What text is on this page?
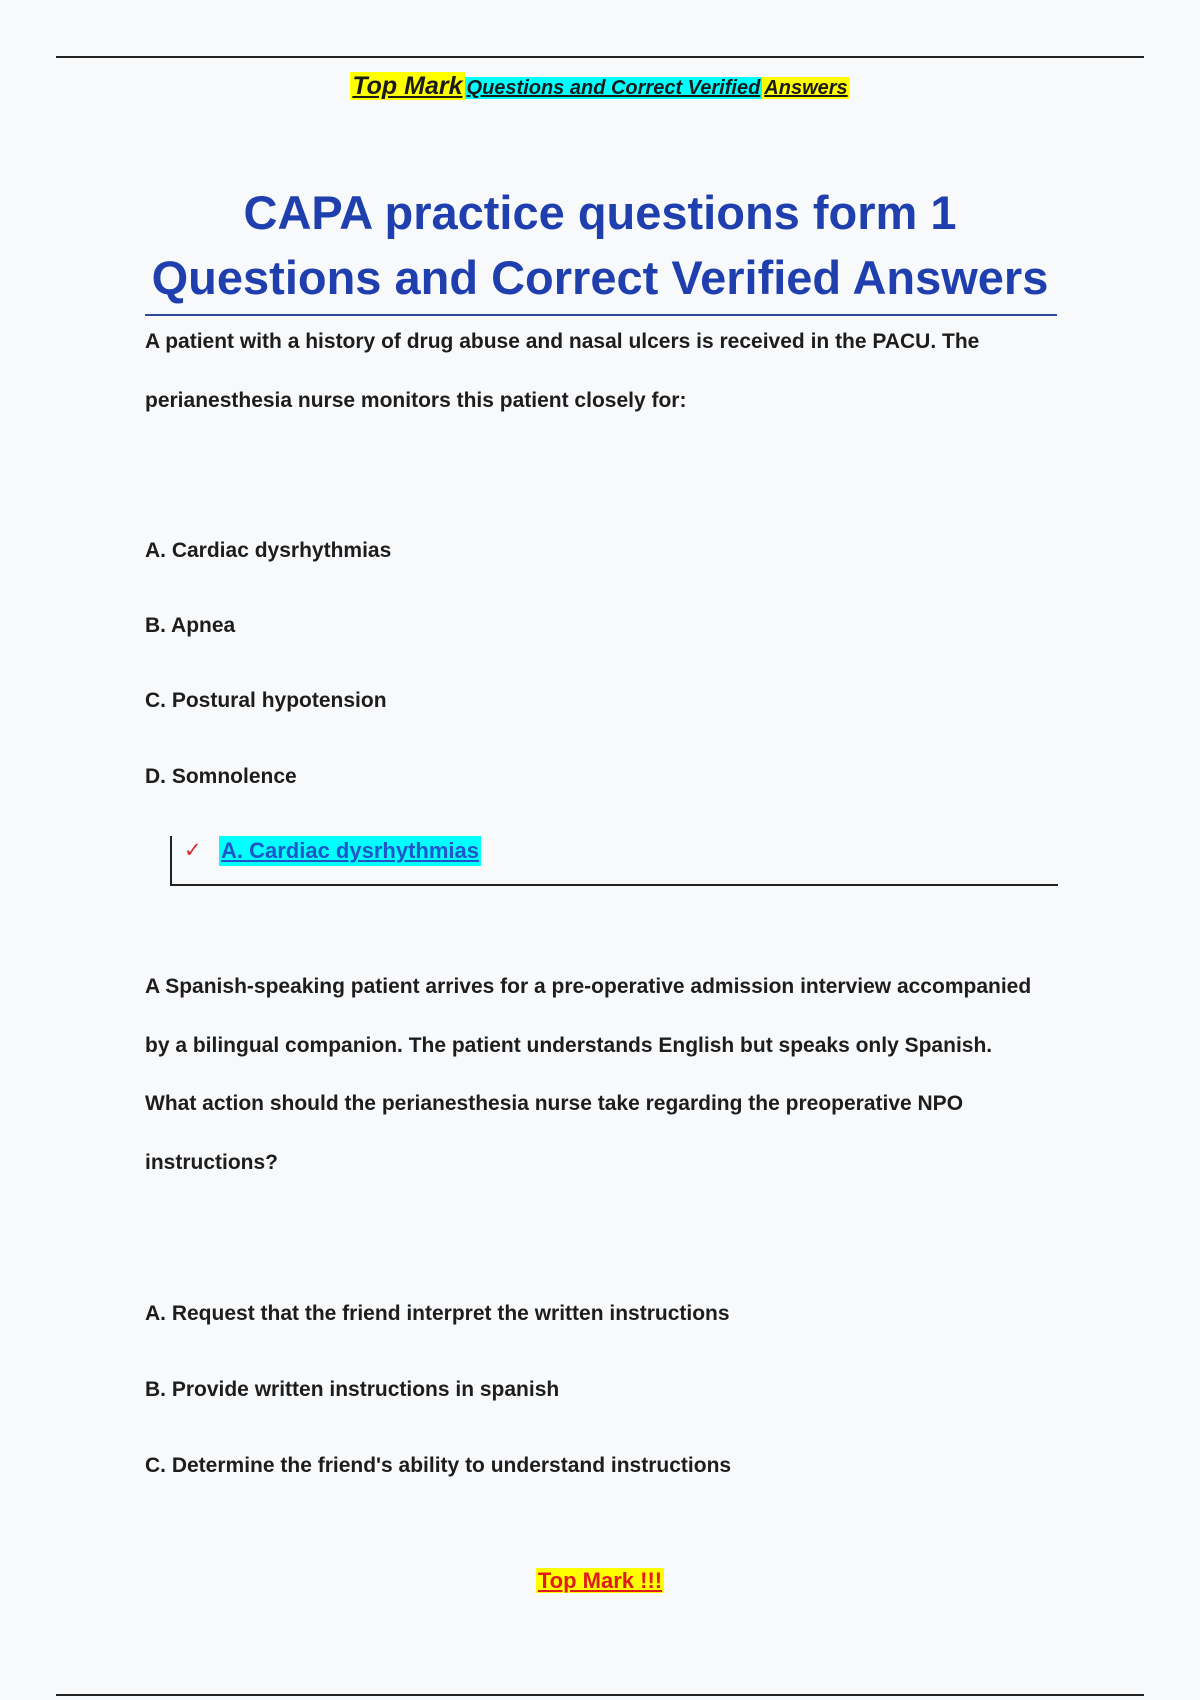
Top Mark Questions and Correct Verified Answers
CAPA practice questions form 1
Questions and Correct Verified Answers

A patient with a history of drug abuse and nasal ulcers is received in the PACU. The perianesthesia nurse monitors this patient closely for:

A. Cardiac dysrhythmias

B. Apnea

C. Postural hypotension

D. Somnolence

✓ A. Cardiac dysrhythmias

A Spanish-speaking patient arrives for a pre-operative admission interview accompanied by a bilingual companion. The patient understands English but speaks only Spanish. What action should the perianesthesia nurse take regarding the preoperative NPO instructions?

A. Request that the friend interpret the written instructions

B. Provide written instructions in spanish

C. Determine the friend's ability to understand instructions

Top Mark !!!
